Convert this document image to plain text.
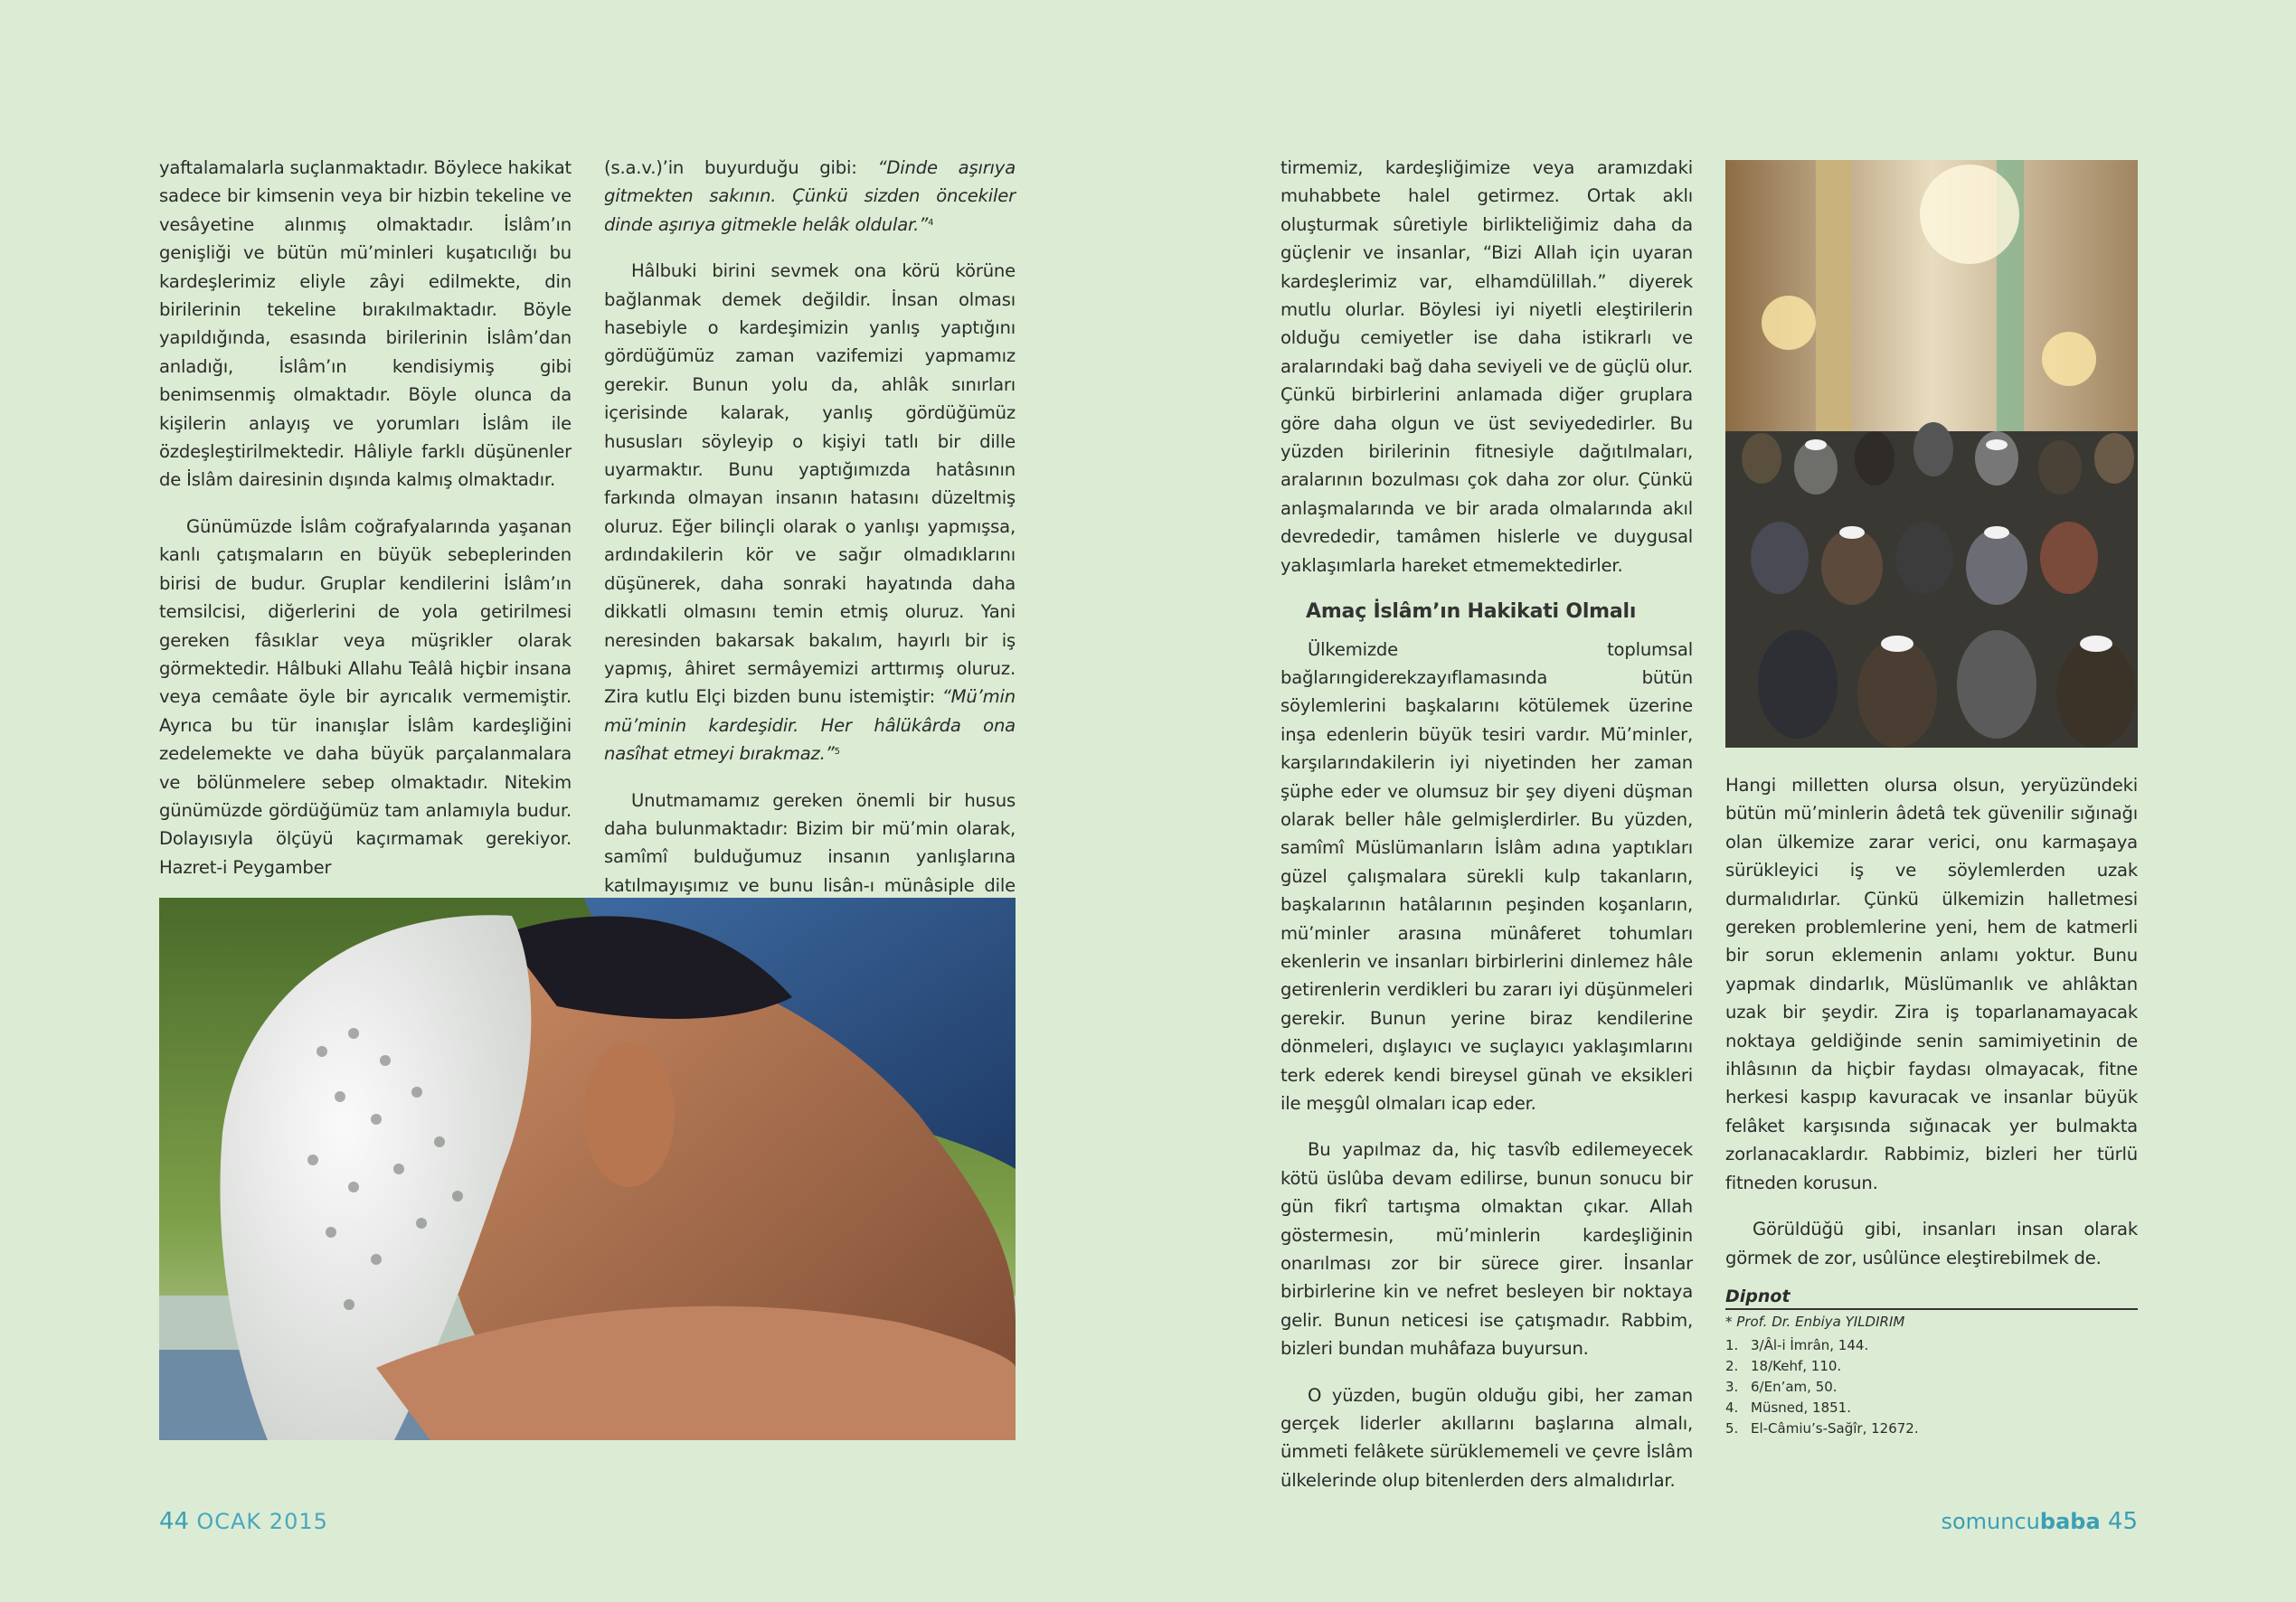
yaftalamalarla suçlanmaktadır. Böylece hakikat sadece bir kimsenin veya bir hizbin tekeline ve vesâyetine alınmış olmaktadır. İslâm’ın genişliği ve bütün mü’minleri kuşatıcılığı bu kardeşlerimiz eliyle zâyi edilmekte, din birilerinin tekeline bırakılmaktadır. Böyle yapıldığında, esasında birilerinin İslâm’dan anladığı, İslâm’ın kendisiymiş gibi benimsenmiş olmaktadır. Böyle olunca da kişilerin anlayış ve yorumları İslâm ile özdeşleştirilmektedir. Hâliyle farklı düşünenler de İslâm dairesinin dışında kalmış olmaktadır.

Günümüzde İslâm coğrafyalarında yaşanan kanlı çatışmaların en büyük sebeplerinden birisi de budur. Gruplar kendilerini İslâm’ın temsilcisi, diğerlerini de yola getirilmesi gereken fâsıklar veya müşrikler olarak görmektedir. Hâlbuki Allahu Teâlâ hiçbir insana veya cemâate öyle bir ayrıcalık vermemiştir. Ayrıca bu tür inanışlar İslâm kardeşliğini zedelemekte ve daha büyük parçalanmalara ve bölünmelere sebep olmaktadır. Nitekim günümüzde gördüğümüz tam anlamıyla budur. Dolayısıyla ölçüyü kaçırmamak gerekiyor. Hazret-i Peygamber

(s.a.v.)’in buyurduğu gibi: “Dinde aşırıya gitmekten sakının. Çünkü sizden öncekiler dinde aşırıya gitmekle helâk oldular.”$^4$

Hâlbuki birini sevmek ona körü körüne bağlanmak demek değildir. İnsan olması hasebiyle o kardeşimizin yanlış yaptığını gördüğümüz zaman vazifemizi yapmamız gerekir. Bunun yolu da, ahlâk sınırları içerisinde kalarak, yanlış gördüğümüz hususları söyleyip o kişiyi tatlı bir dille uyarmaktır. Bunu yaptığımızda hatâsının farkında olmayan insanın hatasını düzeltmiş oluruz. Eğer bilinçli olarak o yanlışı yapmışsa, ardındakilerin kör ve sağır olmadıklarını düşünerek, daha sonraki hayatında daha dikkatli olmasını temin etmiş oluruz. Yani neresinden bakarsak bakalım, hayırlı bir iş yapmış, âhiret sermâyemizi arttırmış oluruz. Zira kutlu Elçi bizden bunu istemiştir: “Mü’min mü’minin kardeşidir. Her hâlükârda ona nasîhat etmeyi bırakmaz.”$^5$

Unutmamamız gereken önemli bir husus daha bulunmaktadır: Bizim bir mü’min olarak, samîmî bulduğumuz insanın yanlışlarına katılmayışımız ve bunu lisân-ı münâsiple dile

tirmemiz, kardeşliğimize veya aramızdaki muhabbete halel getirmez. Ortak aklı oluşturmak sûretiyle birlikteliğimiz daha da güçlenir ve insanlar, “Bizi Allah için uyaran kardeşlerimiz var, elhamdülillah.” diyerek mutlu olurlar. Böylesi iyi niyetli eleştirilerin olduğu cemiyetler ise daha istikrarlı ve aralarındaki bağ daha seviyeli ve de güçlü olur. Çünkü birbirlerini anlamada diğer gruplara göre daha olgun ve üst seviyededirler. Bu yüzden birilerinin fitnesiyle dağıtılmaları, aralarının bozulması çok daha zor olur. Çünkü anlaşmalarında ve bir arada olmalarında akıl devrededir, tamâmen hislerle ve duygusal yaklaşımlarla hareket etmemektedirler.

Amaç İslâm’ın Hakikati Olmalı

Ülkemizde toplumsal bağlarıngiderekzayıflamasında bütün söylemlerini başkalarını kötülemek üzerine inşa edenlerin büyük tesiri vardır. Mü’minler, karşılarındakilerin iyi niyetinden her zaman şüphe eder ve olumsuz bir şey diyeni düşman olarak beller hâle gelmişlerdirler. Bu yüzden, samîmî Müslümanların İslâm adına yaptıkları güzel çalışmalara sürekli kulp takanların, başkalarının hatâlarının peşinden koşanların, mü’minler arasına münâferet tohumları ekenlerin ve insanları birbirlerini dinlemez hâle getirenlerin verdikleri bu zararı iyi düşünmeleri gerekir. Bunun yerine biraz kendilerine dönmeleri, dışlayıcı ve suçlayıcı yaklaşımlarını terk ederek kendi bireysel günah ve eksikleri ile meşgûl olmaları icap eder.

Bu yapılmaz da, hiç tasvîb edilemeyecek kötü üslûba devam edilirse, bunun sonucu bir gün fikrî tartışma olmaktan çıkar. Allah göstermesin, mü’minlerin kardeşliğinin onarılması zor bir sürece girer. İnsanlar birbirlerine kin ve nefret besleyen bir noktaya gelir. Bunun neticesi ise çatışmadır. Rabbim, bizleri bundan muhâfaza buyursun.

O yüzden, bugün olduğu gibi, her zaman gerçek liderler akıllarını başlarına almalı, ümmeti felâkete sürüklememeli ve çevre İslâm ülkelerinde olup bitenlerden ders almalıdırlar.

Hangi milletten olursa olsun, yeryüzündeki bütün mü’minlerin âdetâ tek güvenilir sığınağı olan ülkemize zarar verici, onu karmaşaya sürükleyici iş ve söylemlerden uzak durmalıdırlar. Çünkü ülkemizin halletmesi gereken problemlerine yeni, hem de katmerli bir sorun eklemenin anlamı yoktur. Bunu yapmak dindarlık, Müslümanlık ve ahlâktan uzak bir şeydir. Zira iş toparlanamayacak noktaya geldiğinde senin samimiyetinin de ihlâsının da hiçbir faydası olmayacak, fitne herkesi kaspıp kavuracak ve insanlar büyük felâket karşısında sığınacak yer bulmakta zorlanacaklardır. Rabbimiz, bizleri her türlü fitneden korusun.

Görüldüğü gibi, insanları insan olarak görmek de zor, usûlünce eleştirebilmek de.

Dipnot
* Prof. Dr. Enbiya YILDIRIM
1. 3/Âl-i İmrân, 144.
2. 18/Kehf, 110.
3. 6/En’am, 50.
4. Müsned, 1851.
5. El-Câmiu’s-Sağîr, 12672.
44 OCAK 2015	somuncubaba 45
